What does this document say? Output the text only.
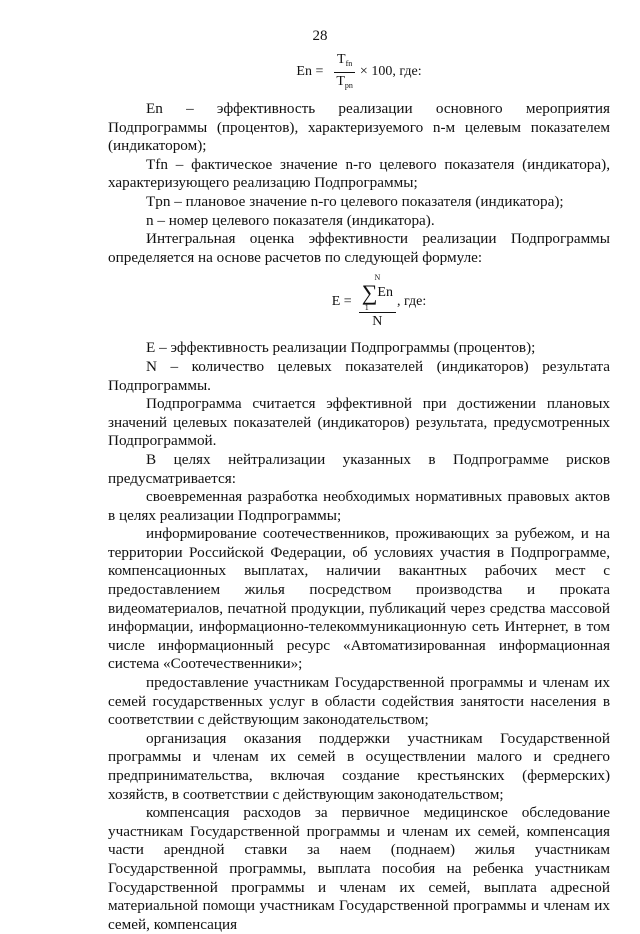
28
$En = \frac{T_{fn}}{T_{pn}} \times 100$, где:

En – эффективность реализации основного мероприятия Подпрограммы (процентов), характеризуемого n-м целевым показателем (индикатором);

Tfn – фактическое значение n-го целевого показателя (индикатора), характеризующего реализацию Подпрограммы;

Tpn – плановое значение n-го целевого показателя (индикатора);

n – номер целевого показателя (индикатора).

Интегральная оценка эффективности реализации Подпрограммы определяется на основе расчетов по следующей формуле:

E =
N
∑ En
1
N
, где:

E – эффективность реализации Подпрограммы (процентов);

N – количество целевых показателей (индикаторов) результата Подпрограммы.

Подпрограмма считается эффективной при достижении плановых значений целевых показателей (индикаторов) результата, предусмотренных Подпрограммой.

В целях нейтрализации указанных в Подпрограмме рисков предусматривается:

своевременная разработка необходимых нормативных правовых актов в целях реализации Подпрограммы;

информирование соотечественников, проживающих за рубежом, и на территории Российской Федерации, об условиях участия в Подпрограмме, компенсационных выплатах, наличии вакантных рабочих мест с предоставлением жилья посредством производства и проката видеоматериалов, печатной продукции, публикаций через средства массовой информации, информационно-телекоммуникационную сеть Интернет, в том числе информационный ресурс «Автоматизированная информационная система «Соотечественники»;

предоставление участникам Государственной программы и членам их семей государственных услуг в области содействия занятости населения в соответствии с действующим законодательством;

организация оказания поддержки участникам Государственной программы и членам их семей в осуществлении малого и среднего предпринимательства, включая создание крестьянских (фермерских) хозяйств, в соответствии с действующим законодательством;

компенсация расходов за первичное медицинское обследование участникам Государственной программы и членам их семей, компенсация части арендной ставки за наем (поднаем) жилья участникам Государственной программы, выплата пособия на ребенка участникам Государственной программы и членам их семей, выплата адресной материальной помощи участникам Государственной программы и членам их семей, компенсация
